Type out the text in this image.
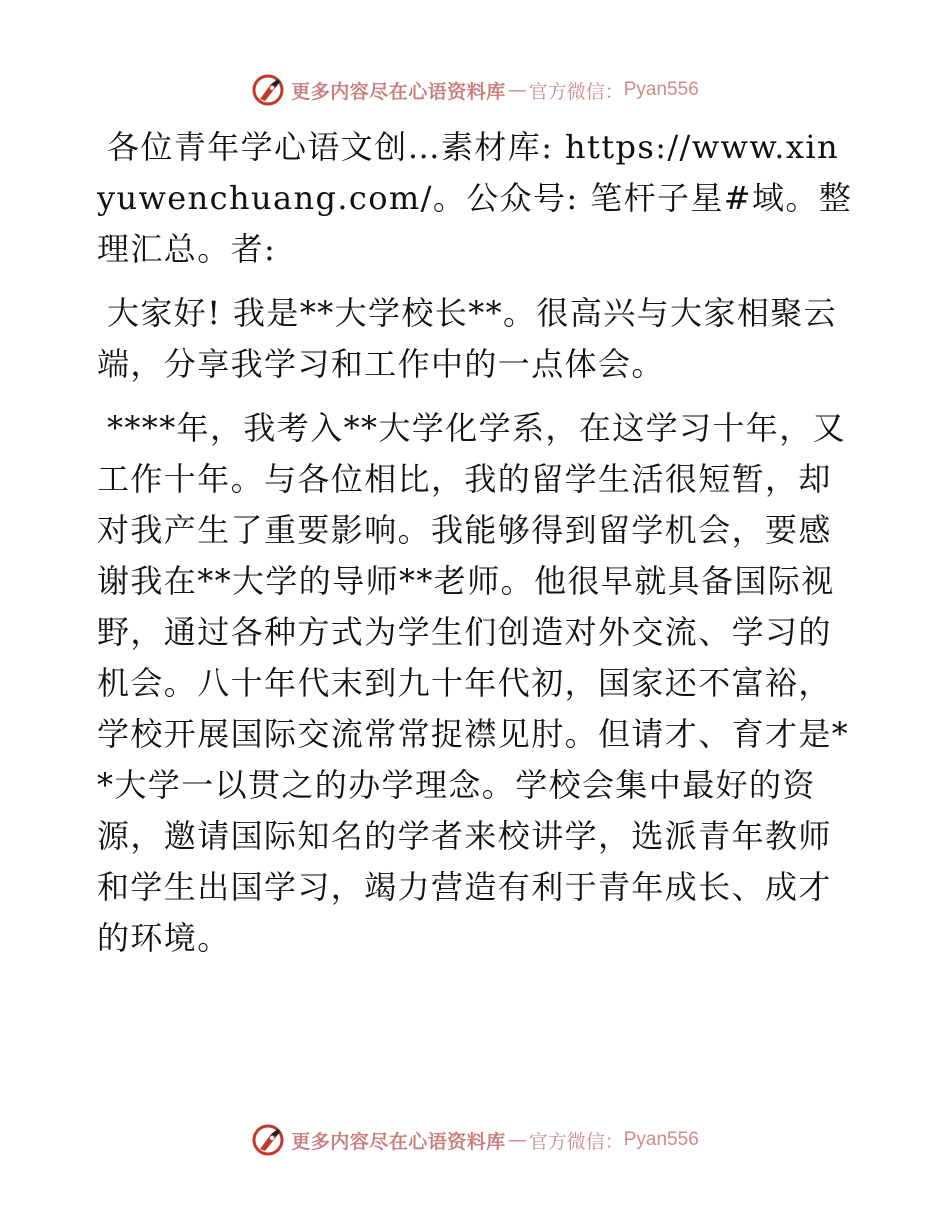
更多内容尽在心语资料库 — 官方微信： Pyan556

各位青年学心语文创…素材库: https://www.xinyuwenchuang.com/。公众号: 笔杆子星#域。整理汇总。者:

大家好! 我是**大学校长**。很高兴与大家相聚云端，分享我学习和工作中的一点体会。

****年，我考入**大学化学系，在这学习十年，又工作十年。与各位相比，我的留学生活很短暂，却对我产生了重要影响。我能够得到留学机会，要感谢我在**大学的导师**老师。他很早就具备国际视野，通过各种方式为学生们创造对外交流、学习的机会。八十年代末到九十年代初，国家还不富裕，学校开展国际交流常常捉襟见肘。但请才、育才是**大学一以贯之的办学理念。学校会集中最好的资源，邀请国际知名的学者来校讲学，选派青年教师和学生出国学习，竭力营造有利于青年成长、成才的环境。

更多内容尽在心语资料库 — 官方微信： Pyan556
